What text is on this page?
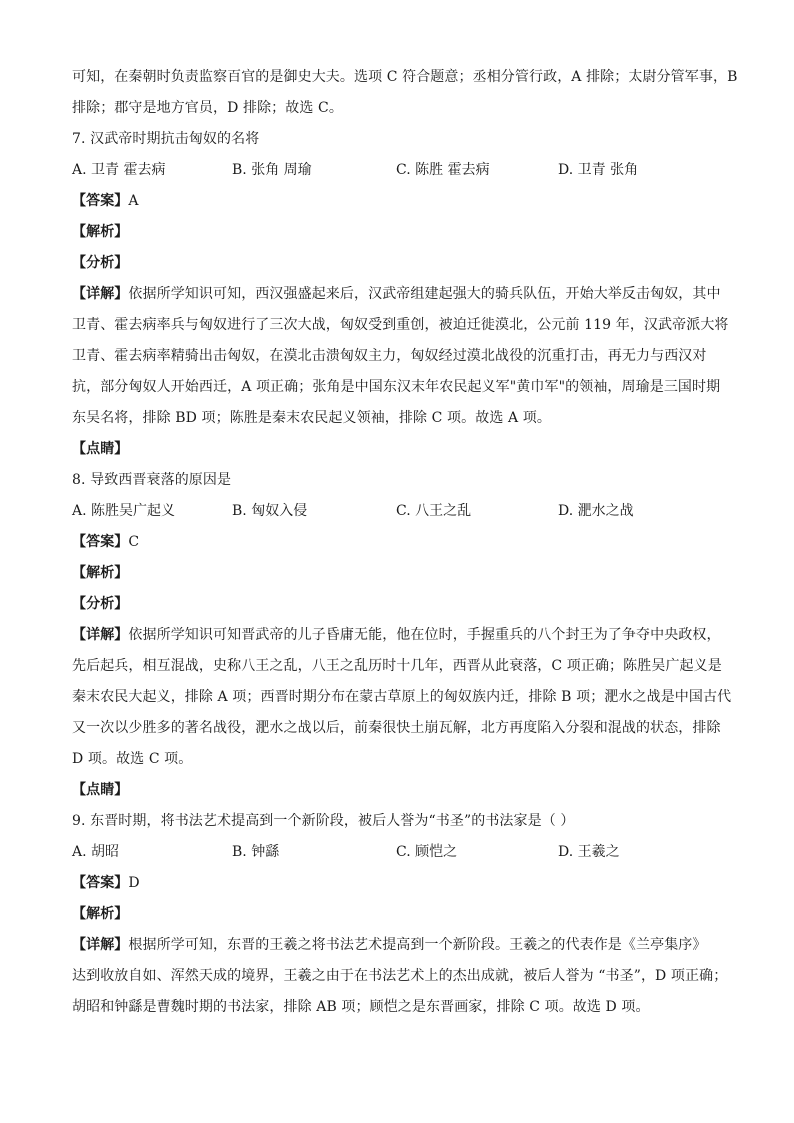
可知，在秦朝时负责监察百官的是御史大夫。选项 C 符合题意；丞相分管行政，A 排除；太尉分管军事，B
排除；郡守是地方官员，D 排除；故选 C。
7. 汉武帝时期抗击匈奴的名将
A. 卫青 霍去病	B. 张角 周瑜	C. 陈胜 霍去病	D. 卫青 张角
【答案】A
【解析】
【分析】
【详解】依据所学知识可知，西汉强盛起来后，汉武帝组建起强大的骑兵队伍，开始大举反击匈奴，其中
卫青、霍去病率兵与匈奴进行了三次大战，匈奴受到重创，被迫迁徙漠北，公元前 119 年，汉武帝派大将
卫青、霍去病率精骑出击匈奴，在漠北击溃匈奴主力，匈奴经过漠北战役的沉重打击，再无力与西汉对
抗，部分匈奴人开始西迁，A 项正确；张角是中国东汉末年农民起义军"黄巾军"的领袖，周瑜是三国时期
东吴名将，排除 BD 项；陈胜是秦末农民起义领袖，排除 C 项。故选 A 项。
【点睛】
8. 导致西晋衰落的原因是
A. 陈胜吴广起义	B. 匈奴入侵	C. 八王之乱	D. 淝水之战
【答案】C
【解析】
【分析】
【详解】依据所学知识可知晋武帝的儿子昏庸无能，他在位时，手握重兵的八个封王为了争夺中央政权，
先后起兵，相互混战，史称八王之乱，八王之乱历时十几年，西晋从此衰落，C 项正确；陈胜吴广起义是
秦末农民大起义，排除 A 项；西晋时期分布在蒙古草原上的匈奴族内迁，排除 B 项；淝水之战是中国古代
又一次以少胜多的著名战役，淝水之战以后，前秦很快土崩瓦解，北方再度陷入分裂和混战的状态，排除
D 项。故选 C 项。
【点睛】
9. 东晋时期，将书法艺术提高到一个新阶段，被后人誉为“书圣”的书法家是（ ）
A. 胡昭	B. 钟繇	C. 顾恺之	D. 王羲之
【答案】D
【解析】
【详解】根据所学可知，东晋的王羲之将书法艺术提高到一个新阶段。王羲之的代表作是《兰亭集序》
达到收放自如、浑然天成的境界，王羲之由于在书法艺术上的杰出成就，被后人誉为 “书圣”，D 项正确；
胡昭和钟繇是曹魏时期的书法家，排除 AB 项；顾恺之是东晋画家，排除 C 项。故选 D 项。
